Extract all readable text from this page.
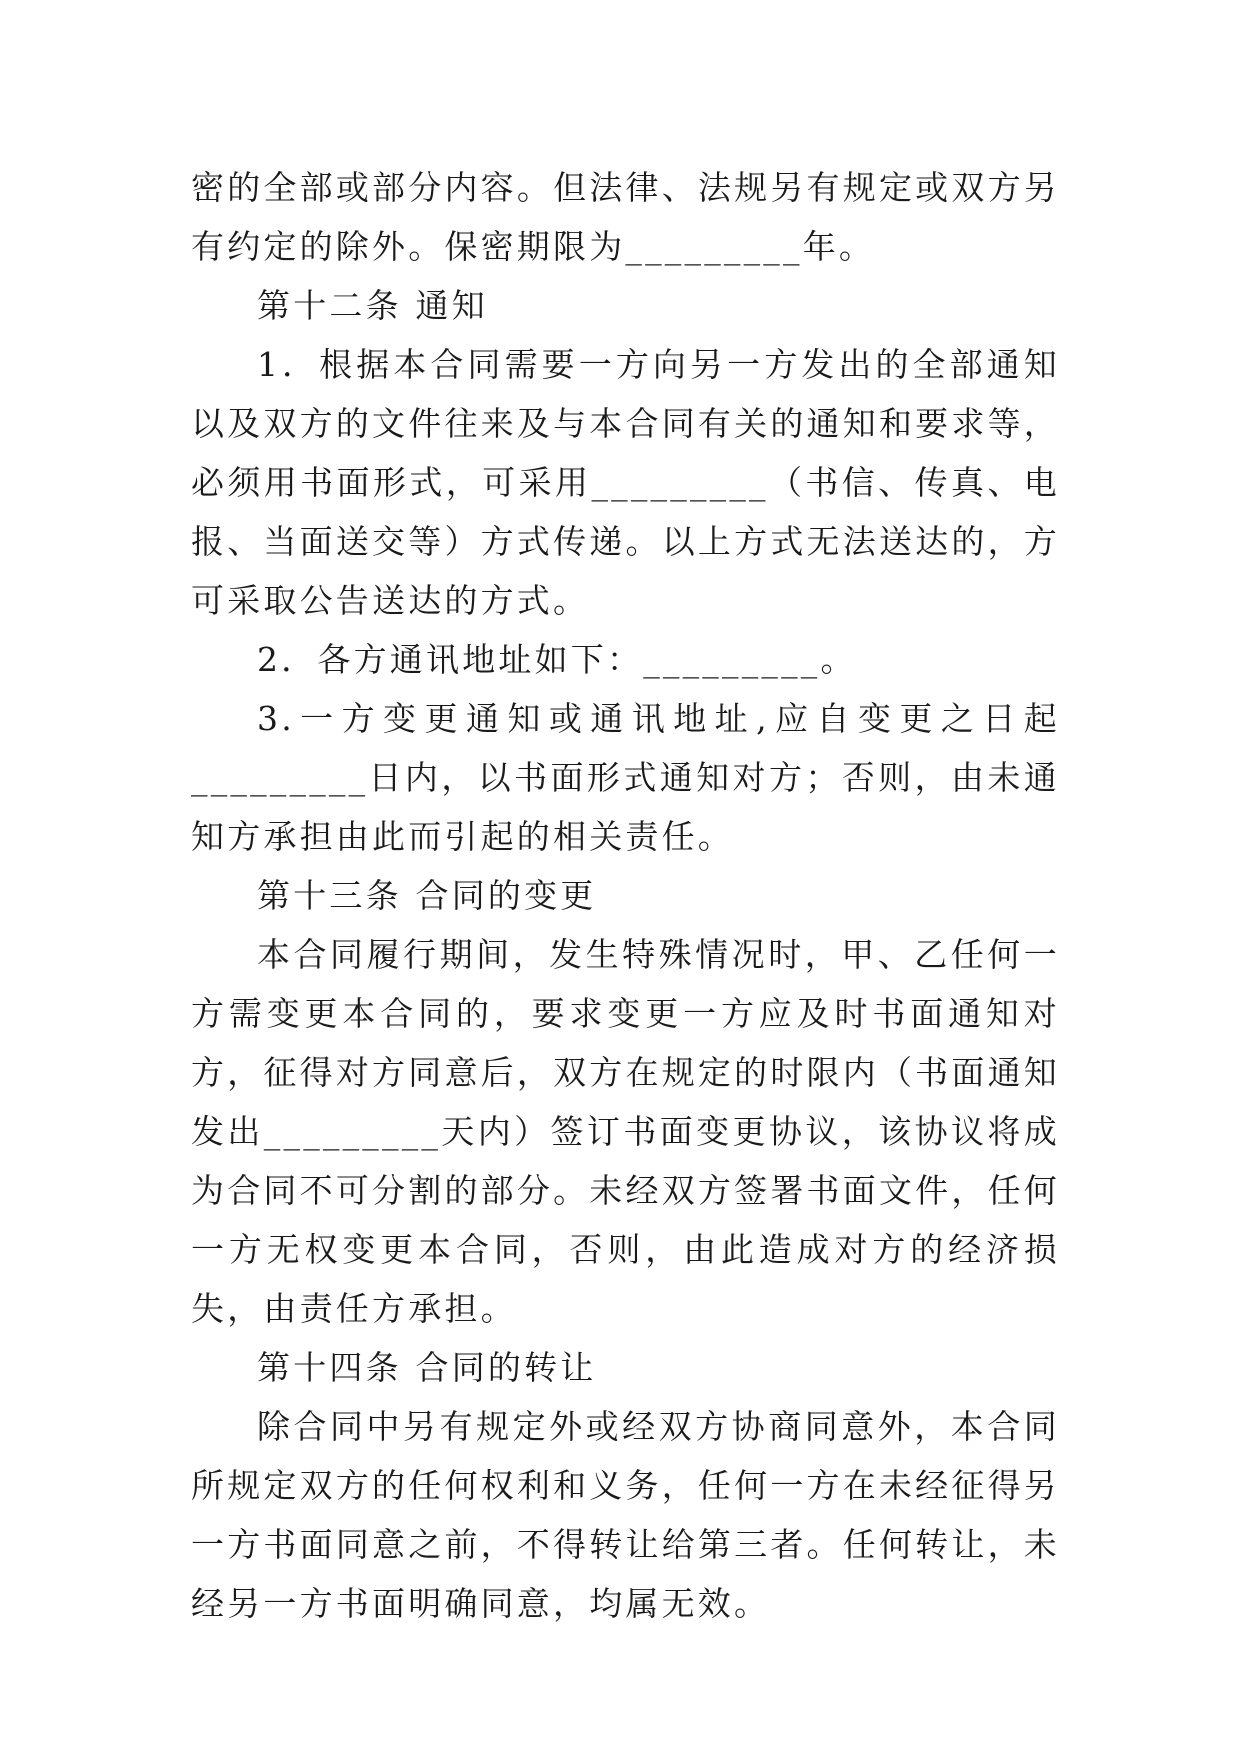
密的全部或部分内容。但法律、法规另有规定或双方另有约定的除外。保密期限为_________年。

第十二条 通知

1．根据本合同需要一方向另一方发出的全部通知以及双方的文件往来及与本合同有关的通知和要求等，必须用书面形式，可采用_________（书信、传真、电报、当面送交等）方式传递。以上方式无法送达的，方可采取公告送达的方式。

2．各方通讯地址如下：_________。

3.一方变更通知或通讯地址,应自变更之日起_________日内，以书面形式通知对方；否则，由未通知方承担由此而引起的相关责任。

第十三条 合同的变更

本合同履行期间，发生特殊情况时，甲、乙任何一方需变更本合同的，要求变更一方应及时书面通知对方，征得对方同意后，双方在规定的时限内（书面通知发出_________天内）签订书面变更协议，该协议将成为合同不可分割的部分。未经双方签署书面文件，任何一方无权变更本合同，否则，由此造成对方的经济损失，由责任方承担。

第十四条 合同的转让

除合同中另有规定外或经双方协商同意外，本合同所规定双方的任何权利和义务，任何一方在未经征得另一方书面同意之前，不得转让给第三者。任何转让，未经另一方书面明确同意，均属无效。
